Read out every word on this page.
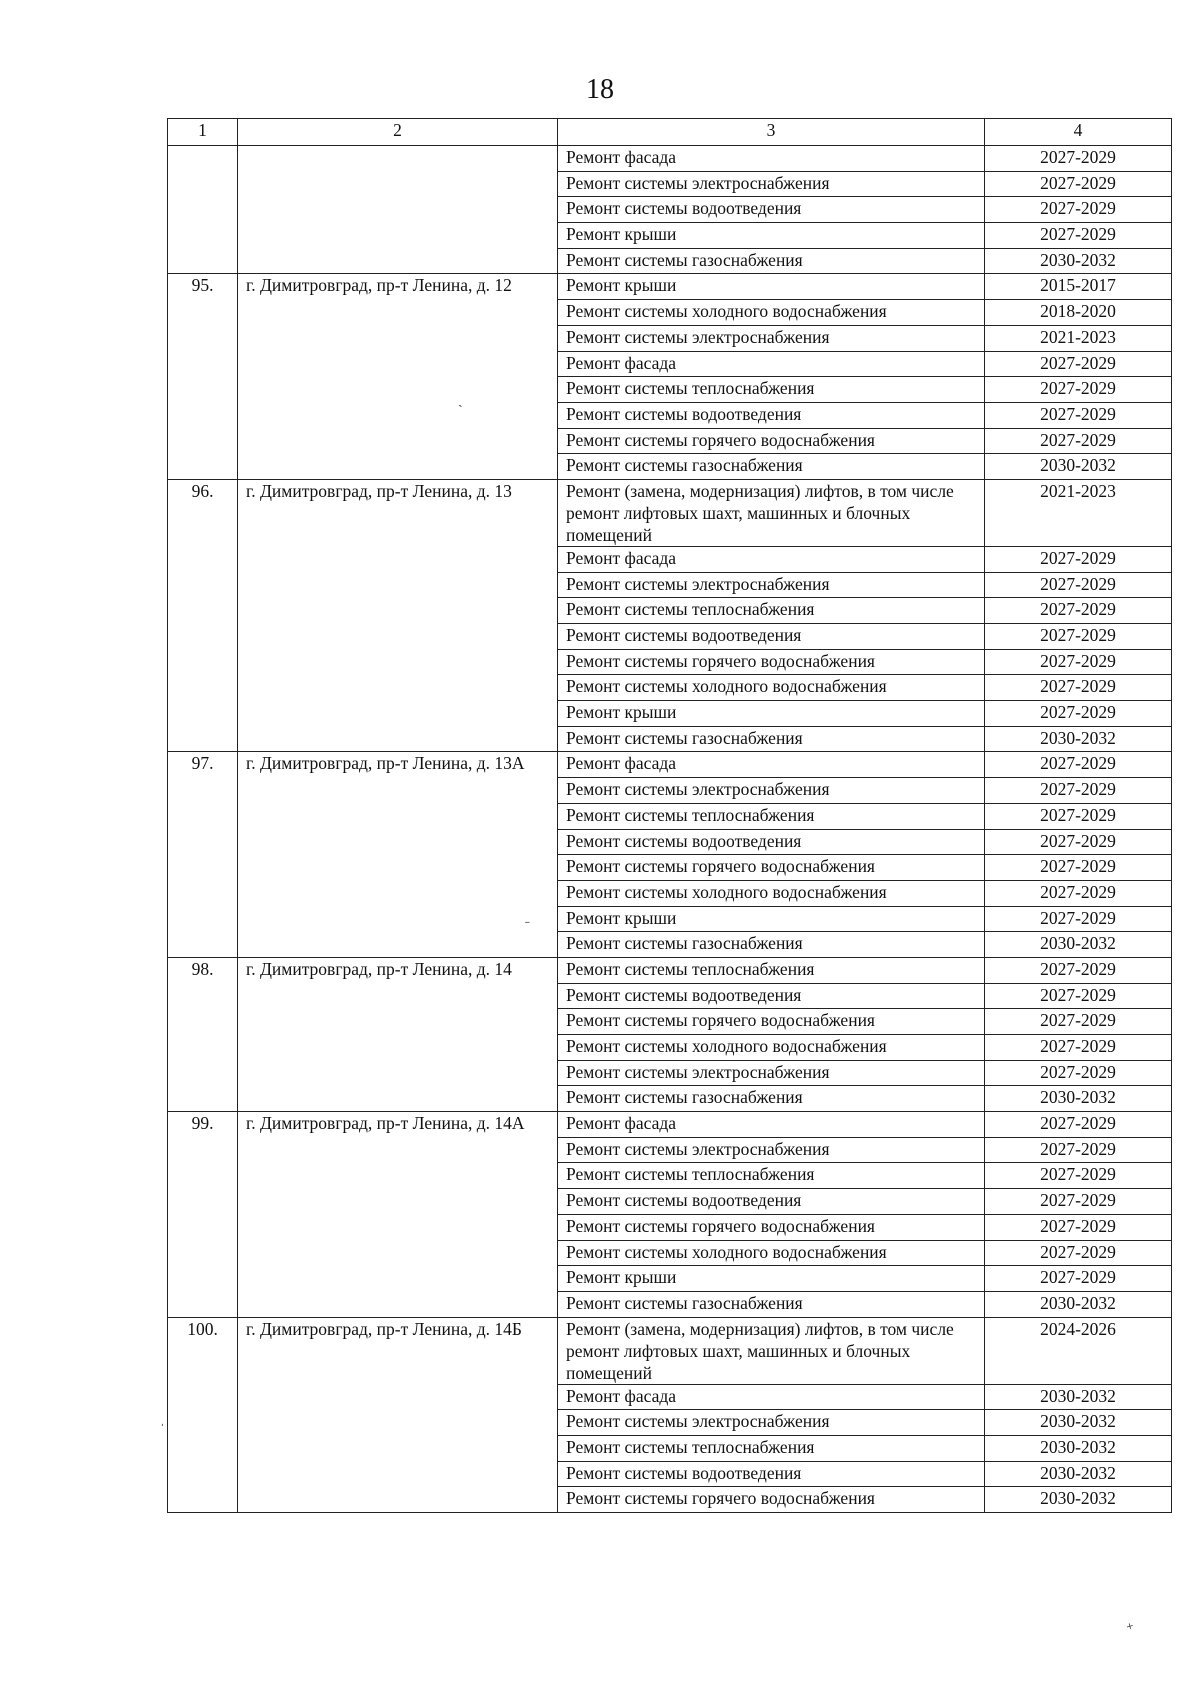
18
1	2	3	4
		Ремонт фасада	2027-2029
		Ремонт системы электроснабжения	2027-2029
		Ремонт системы водоотведения	2027-2029
		Ремонт крыши	2027-2029
		Ремонт системы газоснабжения	2030-2032
95.	г. Димитровград, пр-т Ленина, д. 12	Ремонт крыши	2015-2017
		Ремонт системы холодного водоснабжения	2018-2020
		Ремонт системы электроснабжения	2021-2023
		Ремонт фасада	2027-2029
		Ремонт системы теплоснабжения	2027-2029
		Ремонт системы водоотведения	2027-2029
		Ремонт системы горячего водоснабжения	2027-2029
		Ремонт системы газоснабжения	2030-2032
96.	г. Димитровград, пр-т Ленина, д. 13	Ремонт (замена, модернизация) лифтов, в том числе ремонт лифтовых шахт, машинных и блочных помещений	2021-2023
		Ремонт фасада	2027-2029
		Ремонт системы электроснабжения	2027-2029
		Ремонт системы теплоснабжения	2027-2029
		Ремонт системы водоотведения	2027-2029
		Ремонт системы горячего водоснабжения	2027-2029
		Ремонт системы холодного водоснабжения	2027-2029
		Ремонт крыши	2027-2029
		Ремонт системы газоснабжения	2030-2032
97.	г. Димитровград, пр-т Ленина, д. 13А	Ремонт фасада	2027-2029
		Ремонт системы электроснабжения	2027-2029
		Ремонт системы теплоснабжения	2027-2029
		Ремонт системы водоотведения	2027-2029
		Ремонт системы горячего водоснабжения	2027-2029
		Ремонт системы холодного водоснабжения	2027-2029
		Ремонт крыши	2027-2029
		Ремонт системы газоснабжения	2030-2032
98.	г. Димитровград, пр-т Ленина, д. 14	Ремонт системы теплоснабжения	2027-2029
		Ремонт системы водоотведения	2027-2029
		Ремонт системы горячего водоснабжения	2027-2029
		Ремонт системы холодного водоснабжения	2027-2029
		Ремонт системы электроснабжения	2027-2029
		Ремонт системы газоснабжения	2030-2032
99.	г. Димитровград, пр-т Ленина, д. 14А	Ремонт фасада	2027-2029
		Ремонт системы электроснабжения	2027-2029
		Ремонт системы теплоснабжения	2027-2029
		Ремонт системы водоотведения	2027-2029
		Ремонт системы горячего водоснабжения	2027-2029
		Ремонт системы холодного водоснабжения	2027-2029
		Ремонт крыши	2027-2029
		Ремонт системы газоснабжения	2030-2032
100.	г. Димитровград, пр-т Ленина, д. 14Б	Ремонт (замена, модернизация) лифтов, в том числе ремонт лифтовых шахт, машинных и блочных помещений	2024-2026
		Ремонт фасада	2030-2032
		Ремонт системы электроснабжения	2030-2032
		Ремонт системы теплоснабжения	2030-2032
		Ремонт системы водоотведения	2030-2032
		Ремонт системы горячего водоснабжения	2030-2032
ˏ
ˍ
ˌ
˟
